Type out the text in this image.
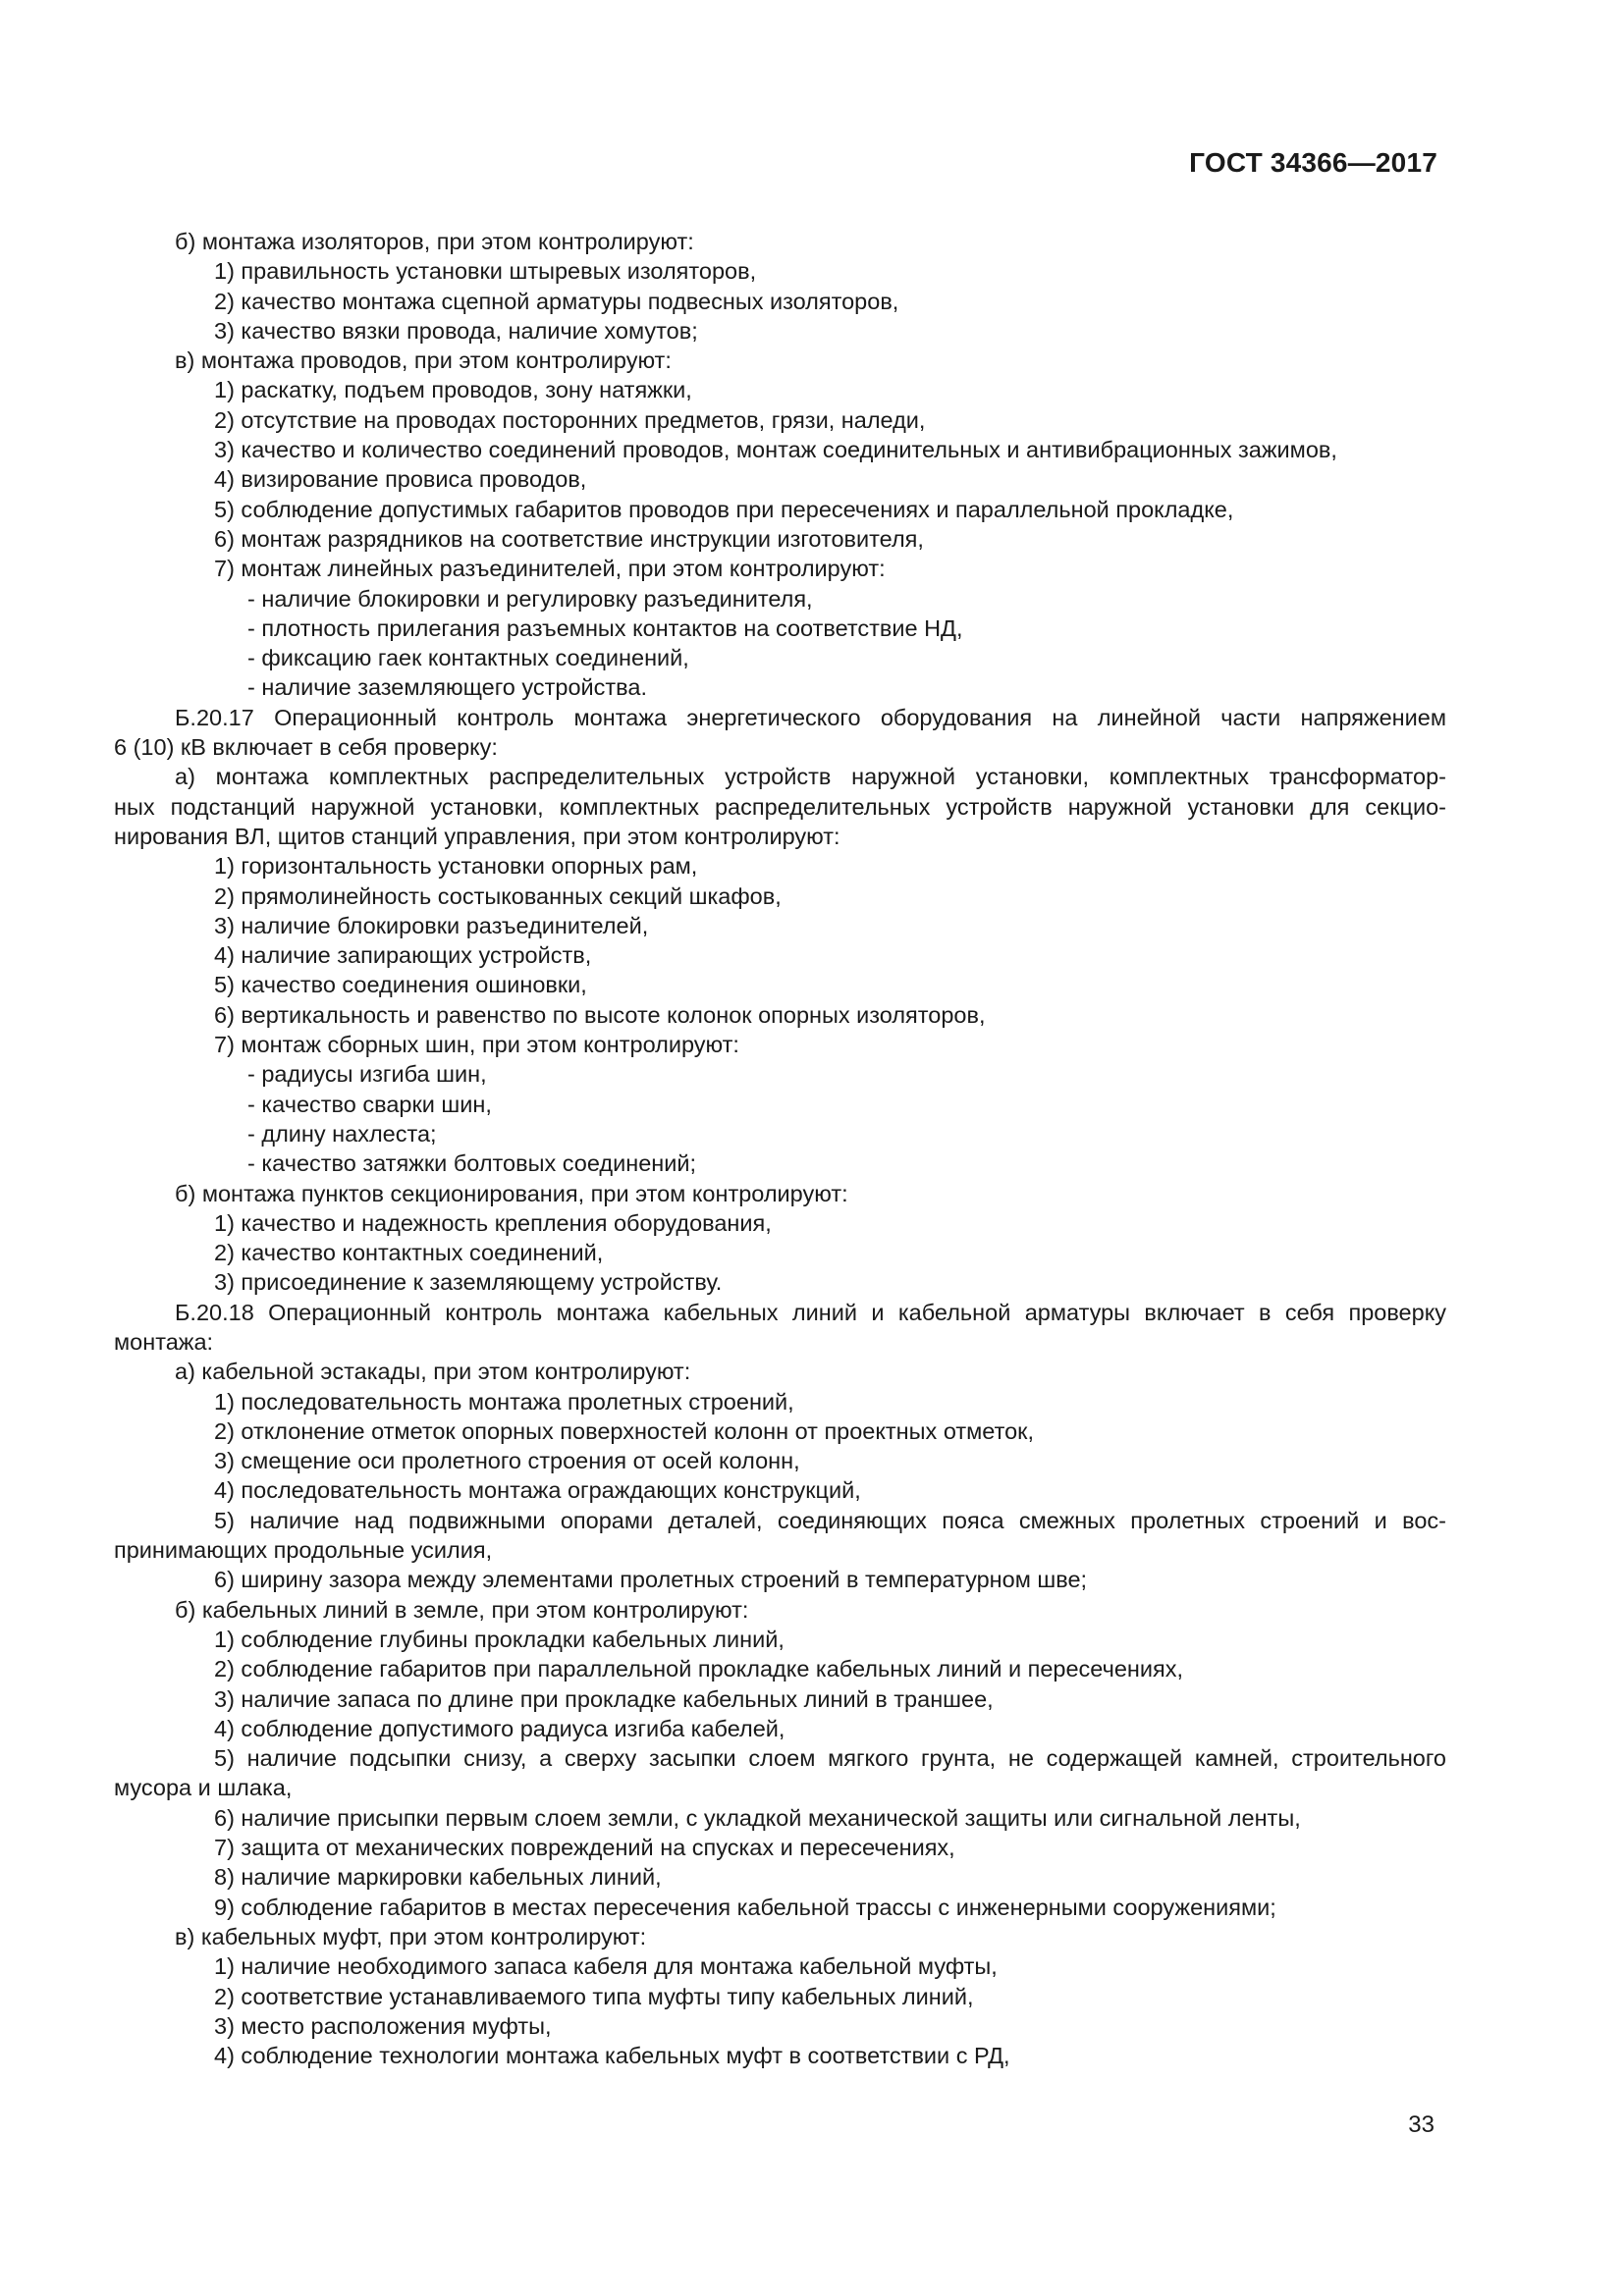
ГОСТ 34366—2017
б) монтажа изоляторов, при этом контролируют:
1) правильность установки штыревых изоляторов,
2) качество монтажа сцепной арматуры подвесных изоляторов,
3) качество вязки провода, наличие хомутов;
в) монтажа проводов, при этом контролируют:
1) раскатку, подъем проводов, зону натяжки,
2) отсутствие на проводах посторонних предметов, грязи, наледи,
3) качество и количество соединений проводов, монтаж соединительных и антивибрационных зажимов,
4) визирование провиса проводов,
5) соблюдение допустимых габаритов проводов при пересечениях и параллельной прокладке,
6) монтаж разрядников на соответствие инструкции изготовителя,
7) монтаж линейных разъединителей, при этом контролируют:
- наличие блокировки и регулировку разъединителя,
- плотность прилегания разъемных контактов на соответствие НД,
- фиксацию гаек контактных соединений,
- наличие заземляющего устройства.
Б.20.17 Операционный контроль монтажа энергетического оборудования на линейной части напряжением
6 (10) кВ включает в себя проверку:
а) монтажа комплектных распределительных устройств наружной установки, комплектных трансформатор-
ных подстанций наружной установки, комплектных распределительных устройств наружной установки для секцио-
нирования ВЛ, щитов станций управления, при этом контролируют:
1) горизонтальность установки опорных рам,
2) прямолинейность состыкованных секций шкафов,
3) наличие блокировки разъединителей,
4) наличие запирающих устройств,
5) качество соединения ошиновки,
6) вертикальность и равенство по высоте колонок опорных изоляторов,
7) монтаж сборных шин, при этом контролируют:
- радиусы изгиба шин,
- качество сварки шин,
- длину нахлеста;
- качество затяжки болтовых соединений;
б) монтажа пунктов секционирования, при этом контролируют:
1) качество и надежность крепления оборудования,
2) качество контактных соединений,
3) присоединение к заземляющему устройству.
Б.20.18 Операционный контроль монтажа кабельных линий и кабельной арматуры включает в себя проверку
монтажа:
а) кабельной эстакады, при этом контролируют:
1) последовательность монтажа пролетных строений,
2) отклонение отметок опорных поверхностей колонн от проектных отметок,
3) смещение оси пролетного строения от осей колонн,
4) последовательность монтажа ограждающих конструкций,
5) наличие над подвижными опорами деталей, соединяющих пояса смежных пролетных строений и вос-
принимающих продольные усилия,
6) ширину зазора между элементами пролетных строений в температурном шве;
б) кабельных линий в земле, при этом контролируют:
1) соблюдение глубины прокладки кабельных линий,
2) соблюдение габаритов при параллельной прокладке кабельных линий и пересечениях,
3) наличие запаса по длине при прокладке кабельных линий в траншее,
4) соблюдение допустимого радиуса изгиба кабелей,
5) наличие подсыпки снизу, а сверху засыпки слоем мягкого грунта, не содержащей камней, строительного
мусора и шлака,
6) наличие присыпки первым слоем земли, с укладкой механической защиты или сигнальной ленты,
7) защита от механических повреждений на спусках и пересечениях,
8) наличие маркировки кабельных линий,
9) соблюдение габаритов в местах пересечения кабельной трассы с инженерными сооружениями;
в) кабельных муфт, при этом контролируют:
1) наличие необходимого запаса кабеля для монтажа кабельной муфты,
2) соответствие устанавливаемого типа муфты типу кабельных линий,
3) место расположения муфты,
4) соблюдение технологии монтажа кабельных муфт в соответствии с РД,
33
